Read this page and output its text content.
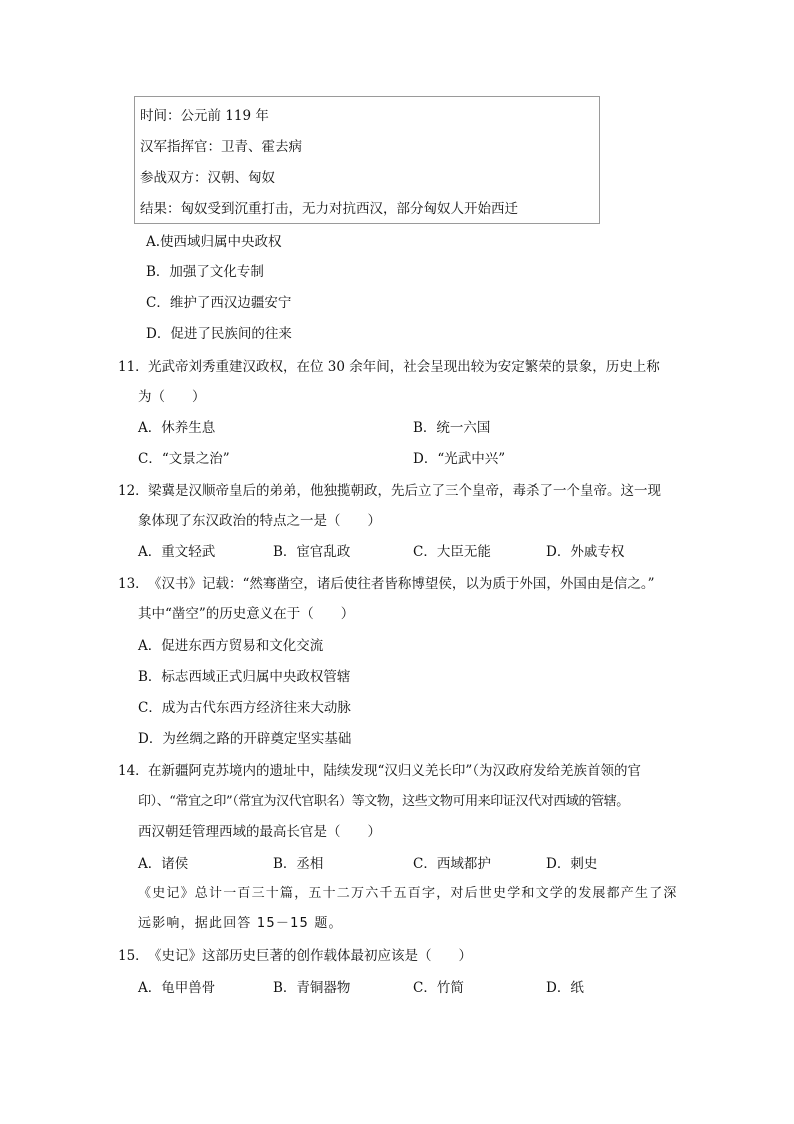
时间：公元前 119 年
汉军指挥官：卫青、霍去病
参战双方：汉朝、匈奴
结果：匈奴受到沉重打击，无力对抗西汉，部分匈奴人开始西迁
A.使西域归属中央政权
B．加强了文化专制
C．维护了西汉边疆安宁
D．促进了民族间的往来
11． 光武帝刘秀重建汉政权，在位 30 余年间，社会呈现出较为安定繁荣的景象，历史上称
为（　　）
A．休养生息	B．统一六国
C．“文景之治”	D．“光武中兴”
12． 梁冀是汉顺帝皇后的弟弟，他独揽朝政，先后立了三个皇帝，毒杀了一个皇帝。这一现
象体现了东汉政治的特点之一是（　　）
A．重文轻武	B．宦官乱政	C．大臣无能	D．外戚专权
13． 《汉书》记载：“然骞凿空，诸后使往者皆称博望侯，以为质于外国，外国由是信之。”
其中“凿空”的历史意义在于（　　）
A．促进东西方贸易和文化交流
B．标志西域正式归属中央政权管辖
C．成为古代东西方经济往来大动脉
D．为丝绸之路的开辟奠定坚实基础
14． 在新疆阿克苏境内的遗址中，陆续发现“汉归义羌长印”（为汉政府发给羌族首领的官
印）、“常宜之印”（常宜为汉代官职名）等文物，这些文物可用来印证汉代对西域的管辖。
西汉朝廷管理西域的最高长官是（　　）
A．诸侯	B．丞相	C．西域都护	D．刺史
《史记》总计一百三十篇，五十二万六千五百字，对后世史学和文学的发展都产生了深
远影响，据此回答 15－15 题。
15． 《史记》这部历史巨著的创作载体最初应该是（　　）
A．龟甲兽骨	B．青铜器物	C．竹简	D．纸
